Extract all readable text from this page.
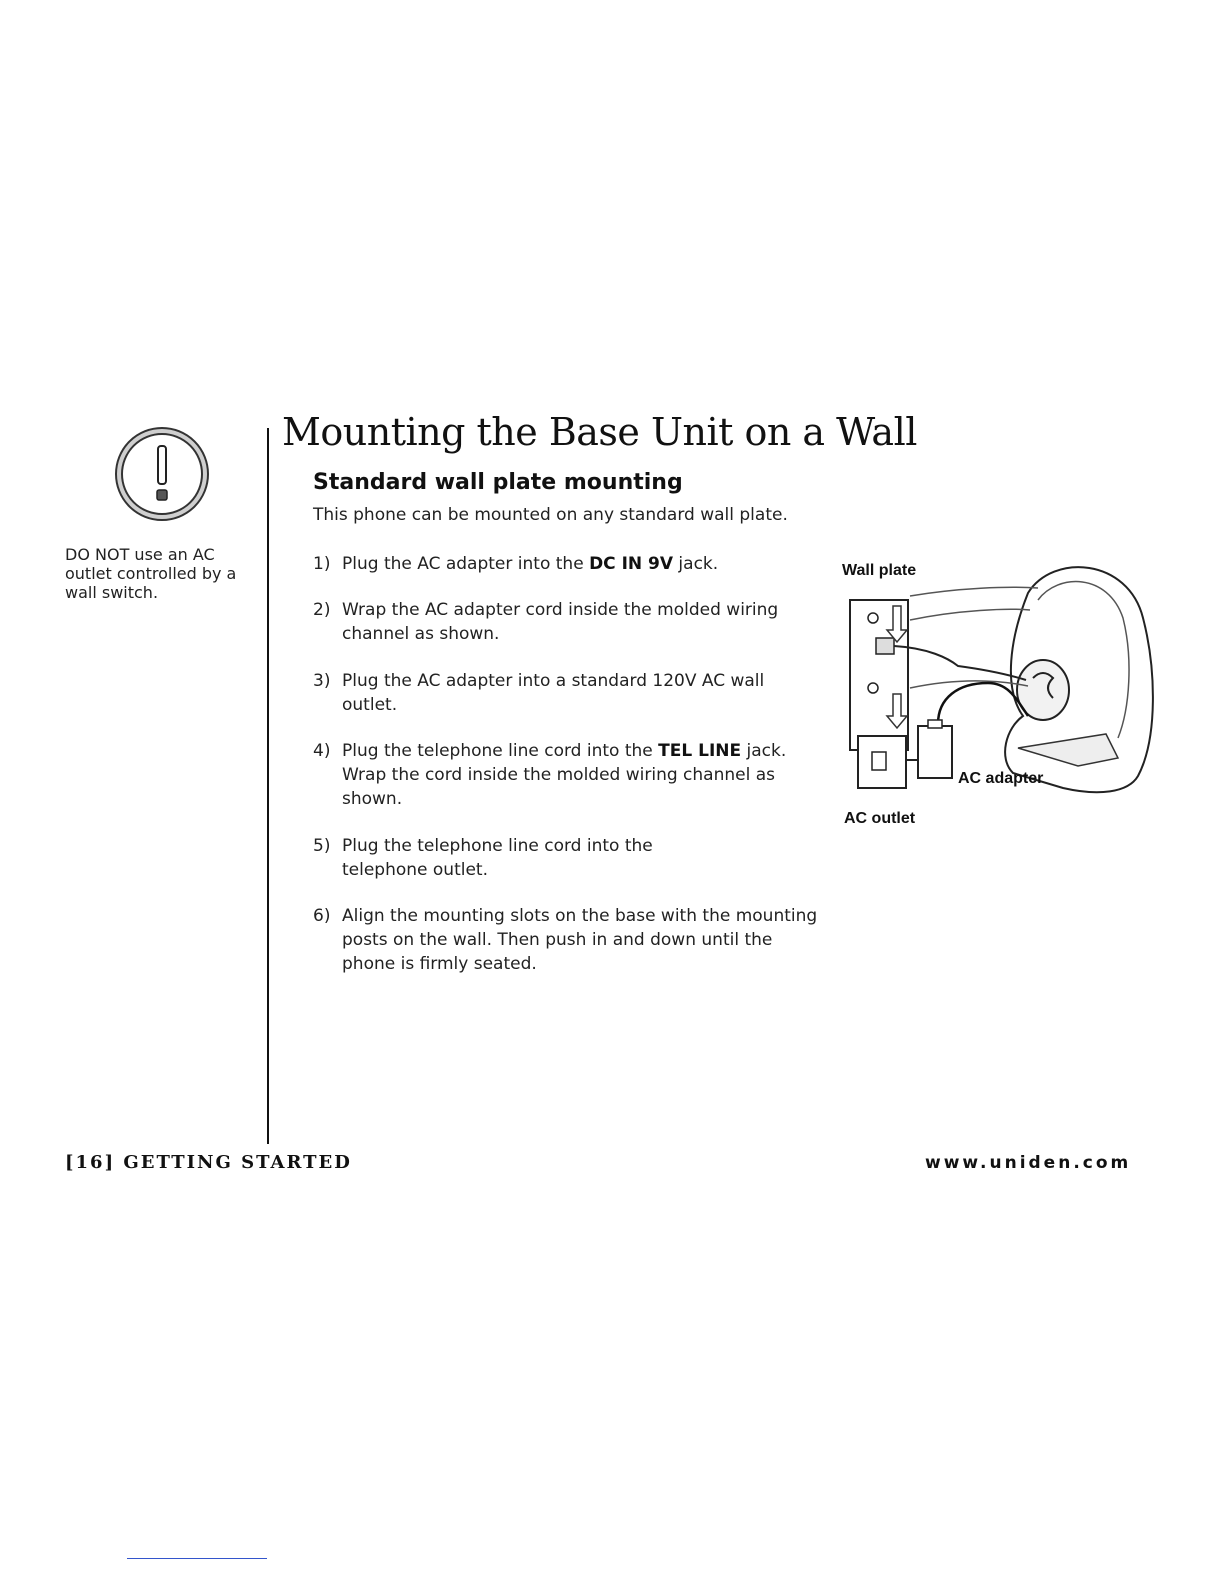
DO NOT use an AC outlet controlled by a wall switch.
Mounting the Base Unit on a Wall
Standard wall plate mounting

This phone can be mounted on any standard wall plate.

1) Plug the AC adapter into the DC IN 9V jack.
2) Wrap the AC adapter cord inside the molded wiring channel as shown.
3) Plug the AC adapter into a standard 120V AC wall outlet.
4) Plug the telephone line cord into the TEL LINE jack. Wrap the cord inside the molded wiring channel as shown.
5) Plug the telephone line cord into the telephone outlet.
6) Align the mounting slots on the base with the mounting posts on the wall. Then push in and down until the phone is firmly seated.
Wall plate
AC adapter
AC outlet
[16] GETTING STARTED	www.uniden.com
